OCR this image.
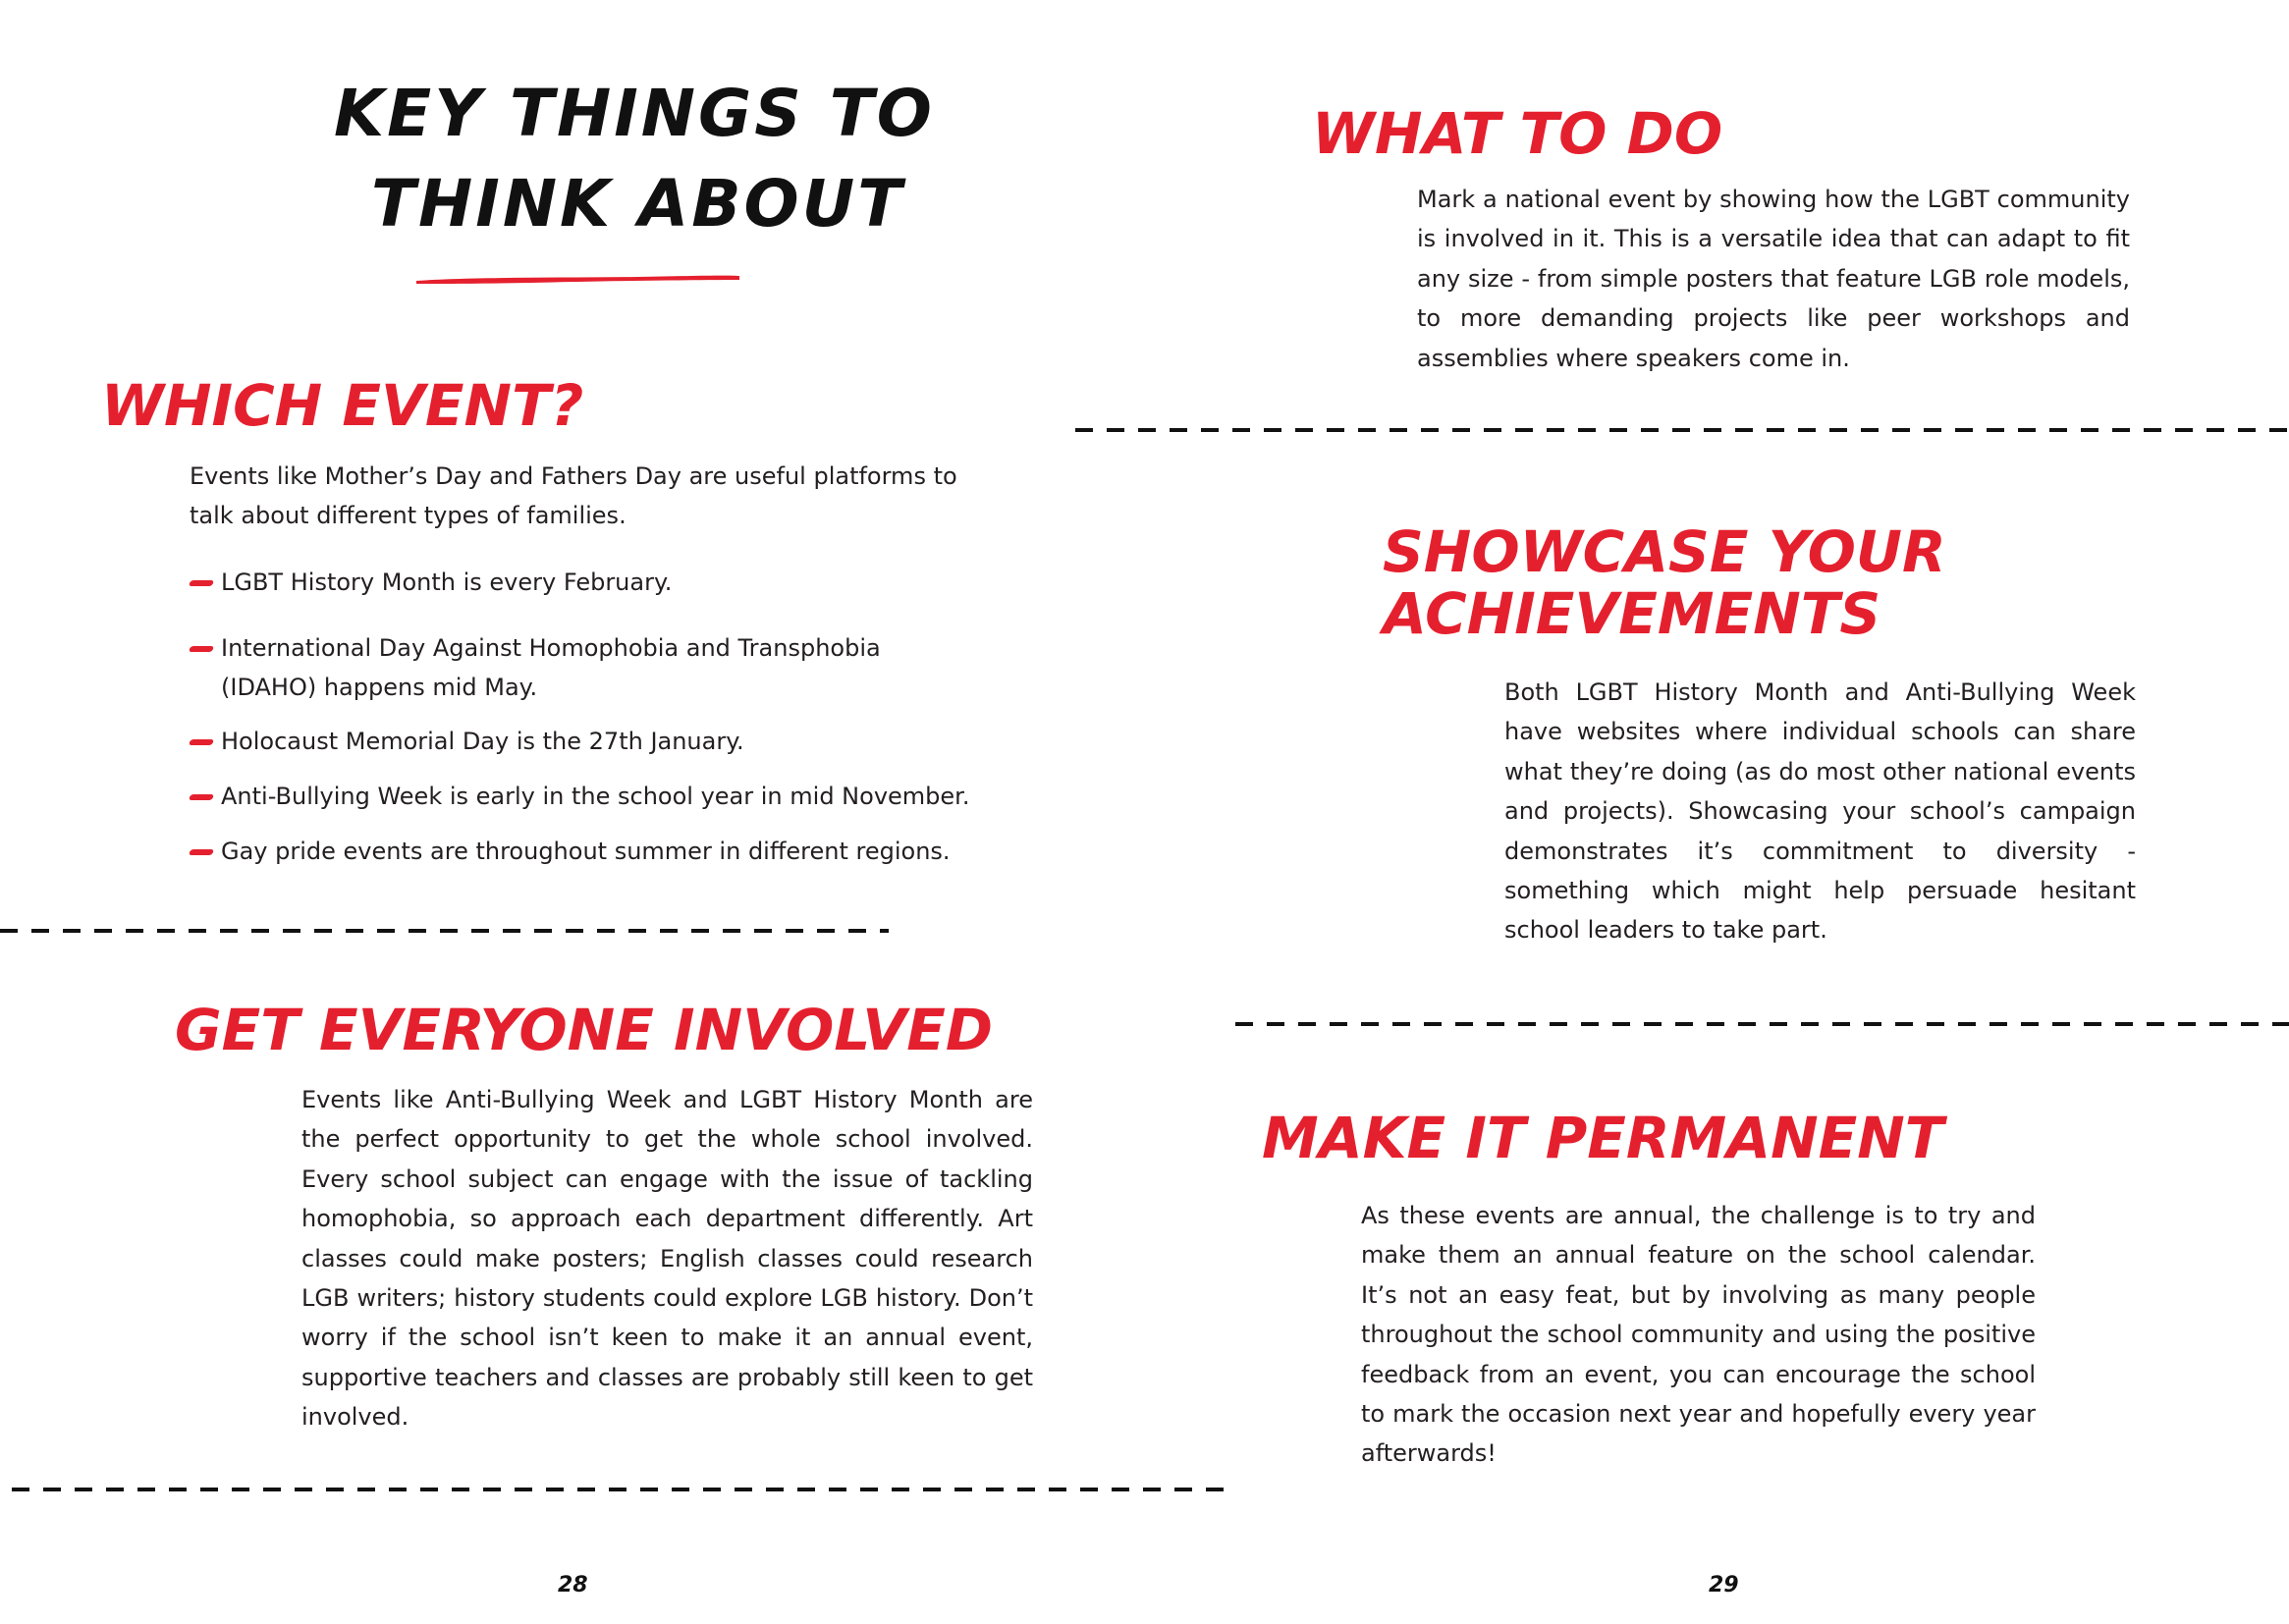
KEY THINGS TO
THINK ABOUT
WHICH EVENT?

Events like Mother’s Day and Fathers Day are useful platforms to talk about different types of families.

LGBT History Month is every February.
International Day Against Homophobia and Transphobia (IDAHO) happens mid May.
Holocaust Memorial Day is the 27th January.
Anti-Bullying Week is early in the school year in mid November.
Gay pride events are throughout summer in different regions.
GET EVERYONE INVOLVED

Events like Anti-Bullying Week and LGBT History Month are the perfect opportunity to get the whole school involved. Every school subject can engage with the issue of tackling homophobia, so approach each department differently. Art classes could make posters; English classes could research LGB writers; history students could explore LGB history. Don’t worry if the school isn’t keen to make it an annual event, supportive teachers and classes are probably still keen to get involved.

28
WHAT TO DO

Mark a national event by showing how the LGBT community is involved in it. This is a versatile idea that can adapt to fit any size - from simple posters that feature LGB role models, to more demanding projects like peer workshops and assemblies where speakers come in.

SHOWCASE YOUR
ACHIEVEMENTS

Both LGBT History Month and Anti-Bullying Week have websites where individual schools can share what they’re doing (as do most other national events and projects). Showcasing your school’s campaign demonstrates it’s commitment to diversity - something which might help persuade hesitant school leaders to take part.

MAKE IT PERMANENT

As these events are annual, the challenge is to try and make them an annual feature on the school calendar. It’s not an easy feat, but by involving as many people throughout the school community and using the positive feedback from an event, you can encourage the school to mark the occasion next year and hopefully every year afterwards!

29
